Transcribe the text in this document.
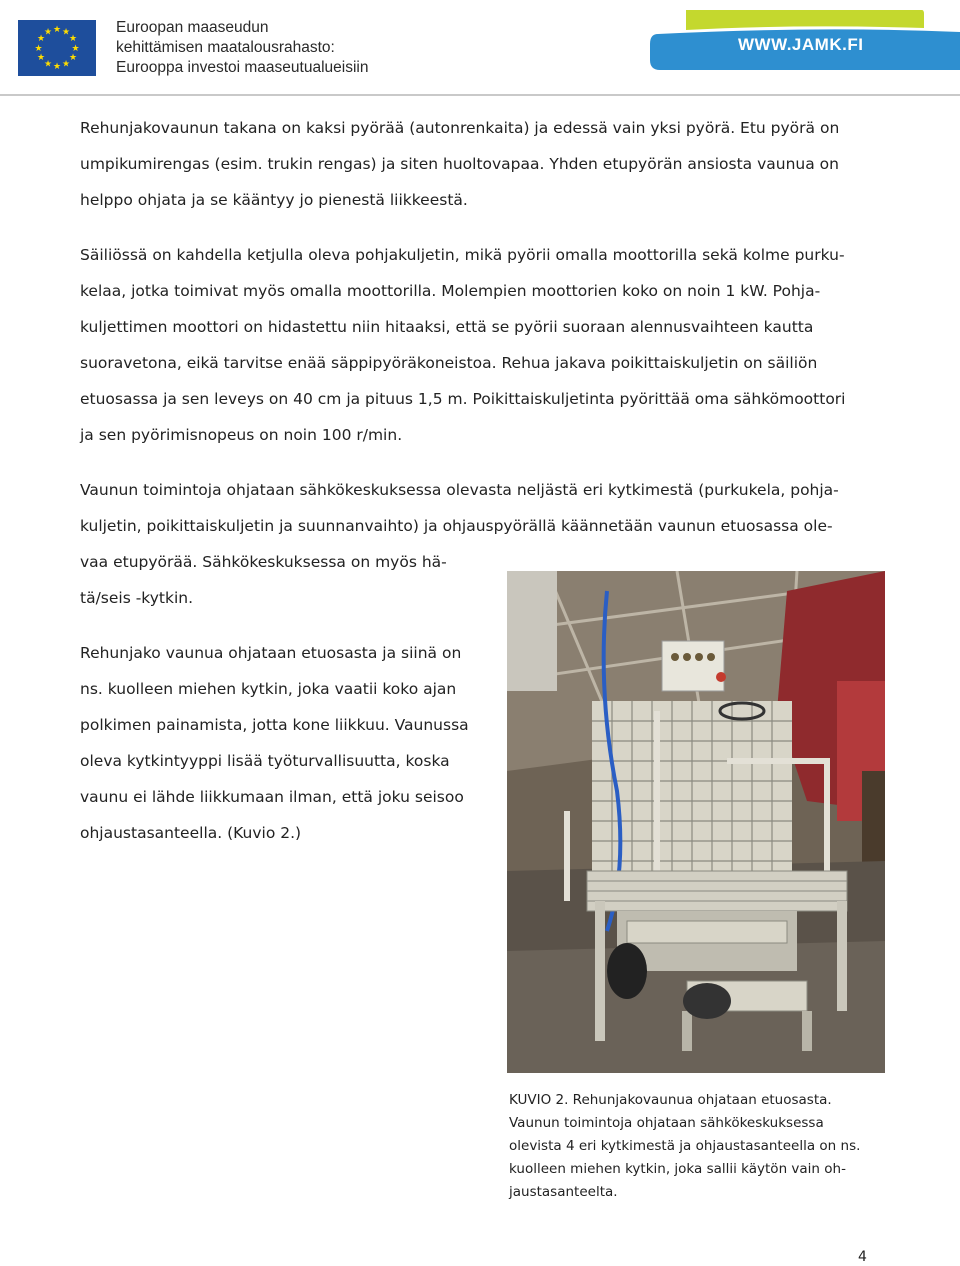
★ ★
★
★
★
★
★
★
★
★
★
★	Euroopan maaseudun
kehittämisen maatalousrahasto:
Eurooppa investoi maaseutualueisiin
WWW.JAMK.FI

Rehunjakovaunun takana on kaksi pyörää (autonrenkaita) ja edessä vain yksi pyörä. Etu pyörä on
umpikumirengas (esim. trukin rengas) ja siten huoltovapaa. Yhden etupyörän ansiosta vaunua on
helppo ohjata ja se kääntyy jo pienestä liikkeestä.

Säiliössä on kahdella ketjulla oleva pohjakuljetin, mikä pyörii omalla moottorilla sekä kolme purku-
kelaa, jotka toimivat myös omalla moottorilla. Molempien moottorien koko on noin 1 kW. Pohja-
kuljettimen moottori on hidastettu niin hitaaksi, että se pyörii suoraan alennusvaihteen kautta
suoravetona, eikä tarvitse enää säppipyöräkoneistoa. Rehua jakava poikittaiskuljetin on säiliön
etuosassa ja sen leveys on 40 cm ja pituus 1,5 m. Poikittaiskuljetinta pyörittää oma sähkömoottori
ja sen pyörimisnopeus on noin 100 r/min.

Vaunun toimintoja ohjataan sähkökeskuksessa olevasta neljästä eri kytkimestä (purkukela, pohja-
kuljetin, poikittaiskuljetin ja suunnanvaihto) ja ohjauspyörällä käännetään vaunun etuosassa ole-
vaa etupyörää. Sähkökeskuksessa on myös hä-
tä/seis -kytkin.

Rehunjako vaunua ohjataan etuosasta ja siinä on
ns. kuolleen miehen kytkin, joka vaatii koko ajan
polkimen painamista, jotta kone liikkuu. Vaunussa
oleva kytkintyyppi lisää työturvallisuutta, koska
vaunu ei lähde liikkumaan ilman, että joku seisoo
ohjaustasanteella. (Kuvio 2.)

KUVIO 2. Rehunjakovaunua ohjataan etuosasta.
Vaunun toimintoja ohjataan sähkökeskuksessa
olevista 4 eri kytkimestä ja ohjaustasanteella on ns.
kuolleen miehen kytkin, joka sallii käytön vain oh-
jaustasanteelta.
4
